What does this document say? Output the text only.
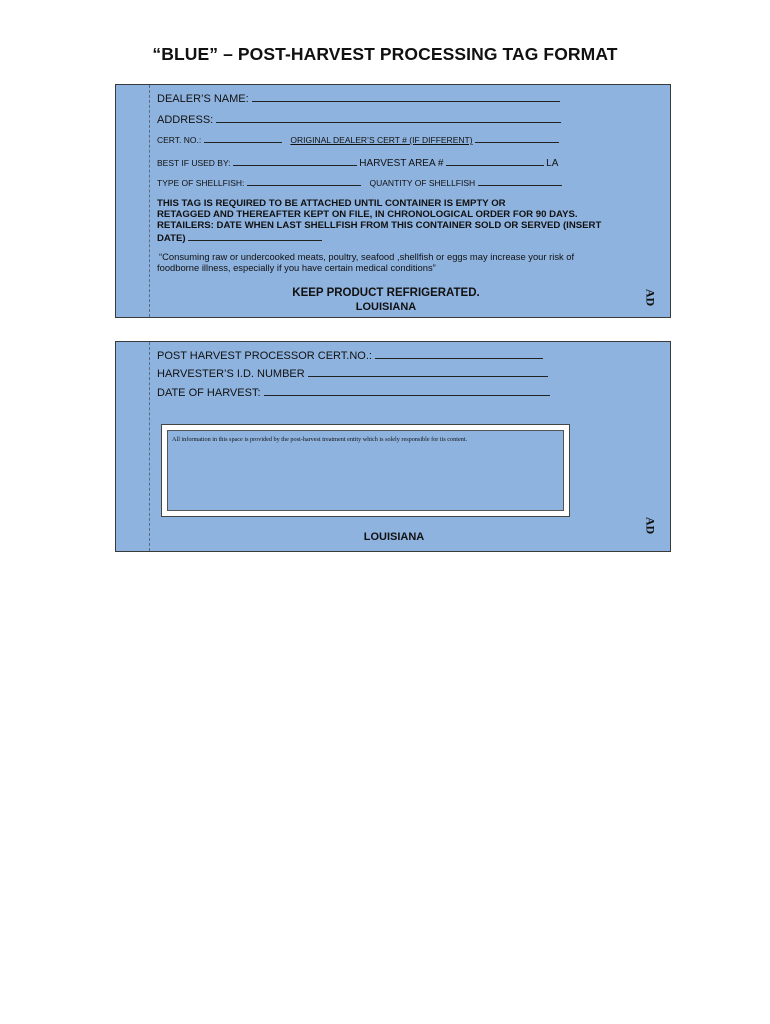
“BLUE” – POST-HARVEST PROCESSING TAG FORMAT
DEALER’S NAME:
ADDRESS:
CERT. NO.:	ORIGINAL DEALER’S CERT # (IF DIFFERENT)
BEST IF USED BY:	HARVEST AREA #	LA
TYPE OF SHELLFISH:	QUANTITY OF SHELLFISH
THIS TAG IS REQUIRED TO BE ATTACHED UNTIL CONTAINER IS EMPTY OR
RETAGGED AND THEREAFTER KEPT ON FILE, IN CHRONOLOGICAL ORDER FOR 90 DAYS.
RETAILERS: DATE WHEN LAST SHELLFISH FROM THIS CONTAINER SOLD OR SERVED (INSERT
DATE)
“Consuming raw or undercooked meats, poultry, seafood ,shellfish or eggs may increase your risk of
foodborne illness, especially if you have certain medical conditions”
KEEP PRODUCT REFRIGERATED.
LOUISIANA
AD
POST HARVEST PROCESSOR CERT.NO.:
HARVESTER’S I.D. NUMBER
DATE OF HARVEST:
All information in this space is provided by the post-harvest treatment entity which is solely responsible for its content.
LOUISIANA
AD
